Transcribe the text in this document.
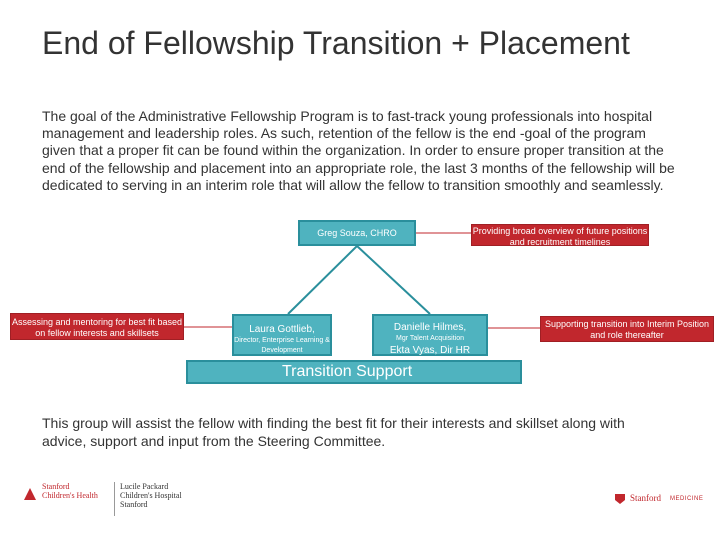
End of Fellowship Transition + Placement
The goal of the Administrative Fellowship Program is to fast-track young professionals into hospital management and leadership roles. As such, retention of the fellow is the end -goal of the program given that a proper fit can be found within the organization. In order to ensure proper transition at the end of the fellowship and placement into an appropriate role, the last 3 months of the fellowship will be dedicated to serving in an interim role that will allow the fellow to transition smoothly and seamlessly.
Greg Souza, CHRO
Laura Gottlieb,
Director, Enterprise Learning & Development
Danielle Hilmes,
Mgr Talent Acquisition
Ekta Vyas, Dir HR
Transition Support
Providing broad overview of future positions and recruitment timelines
Assessing and mentoring for best fit based on fellow interests and skillsets
Supporting transition into Interim Position and role thereafter
This group will assist the fellow with finding the best fit for their interests and skillset along with advice, support and input from the Steering Committee.
Stanford
Children's Health
Lucile Packard
Children's Hospital
Stanford
Stanford MEDICINE
